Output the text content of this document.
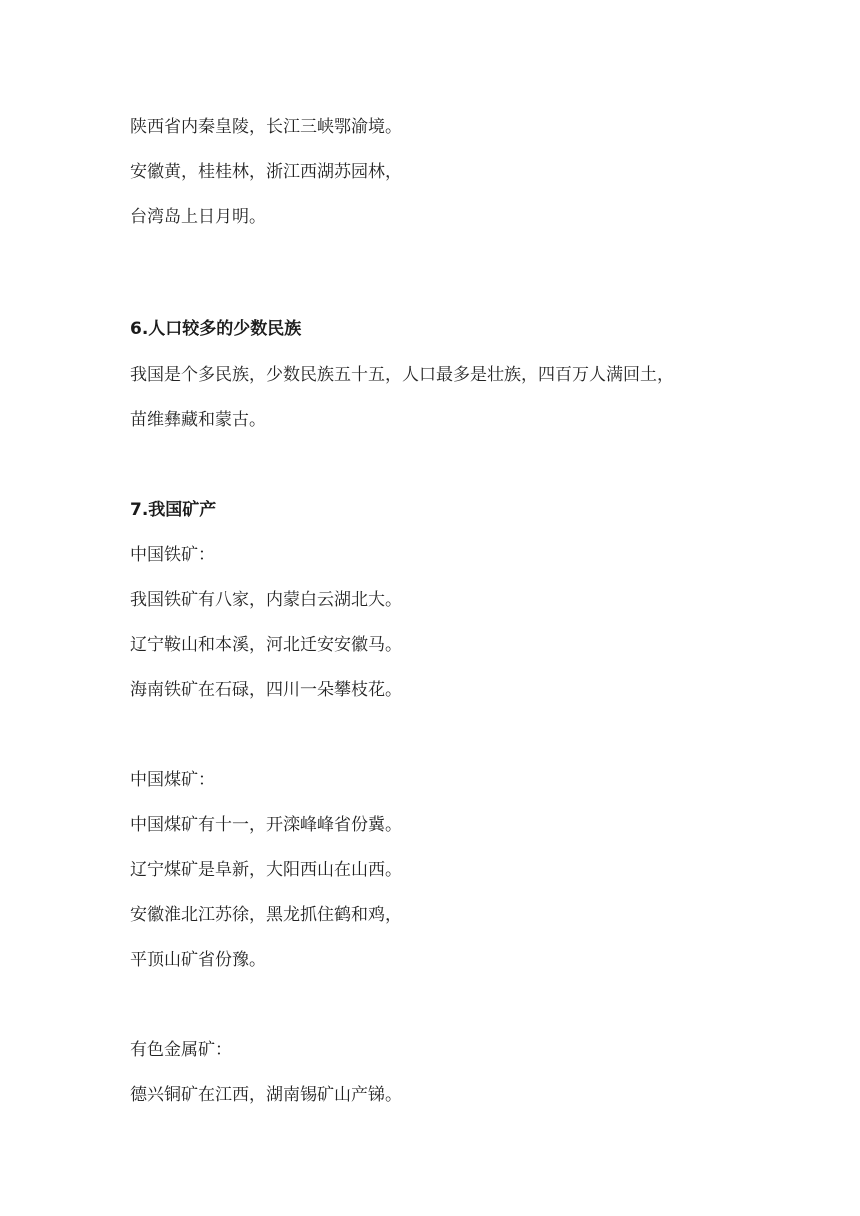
陕西省内秦皇陵，长江三峡鄂渝境。
安徽黄，桂桂林，浙江西湖苏园林，
台湾岛上日月明。
6.人口较多的少数民族
我国是个多民族，少数民族五十五，人口最多是壮族，四百万人满回土，
苗维彝藏和蒙古。
7.我国矿产
中国铁矿：
我国铁矿有八家，内蒙白云湖北大。
辽宁鞍山和本溪，河北迁安安徽马。
海南铁矿在石碌，四川一朵攀枝花。
中国煤矿：
中国煤矿有十一，开滦峰峰省份冀。
辽宁煤矿是阜新，大阳西山在山西。
安徽淮北江苏徐，黑龙抓住鹤和鸡，
平顶山矿省份豫。
有色金属矿：
德兴铜矿在江西，湖南锡矿山产锑。
